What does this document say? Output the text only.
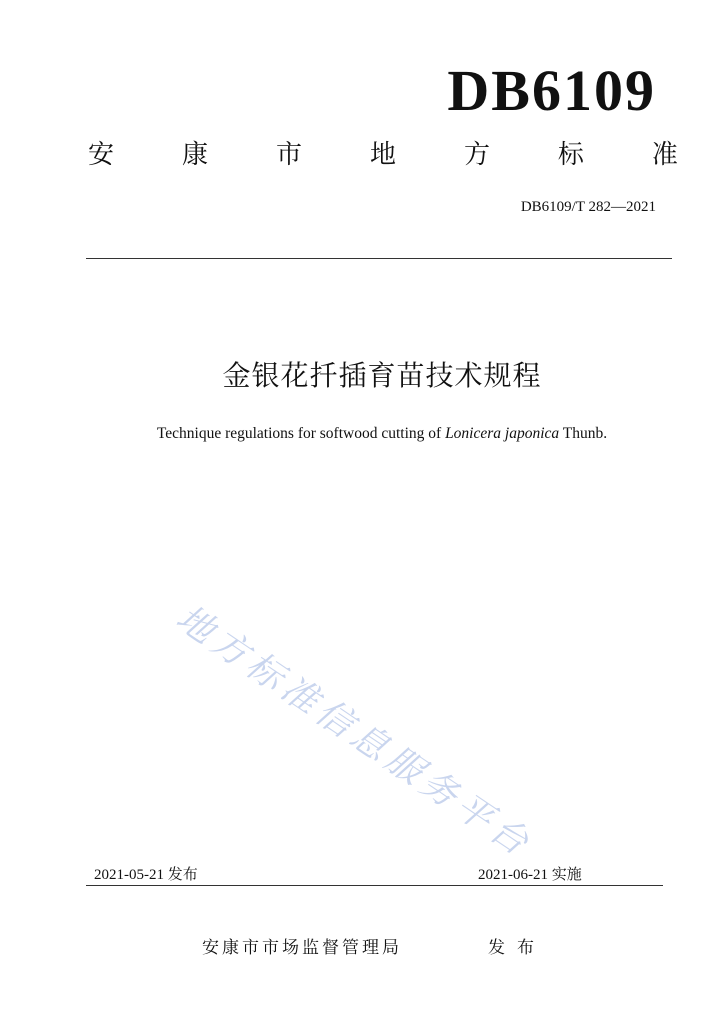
DB6109
安	康	市	地	方	标	准
DB6109/T 282—2021
金银花扦插育苗技术规程
Technique regulations for softwood cutting of Lonicera japonica Thunb.
地方标准信息服务平台
2021-05-21 发布	2021-06-21 实施
安康市市场监督管理局	发布
